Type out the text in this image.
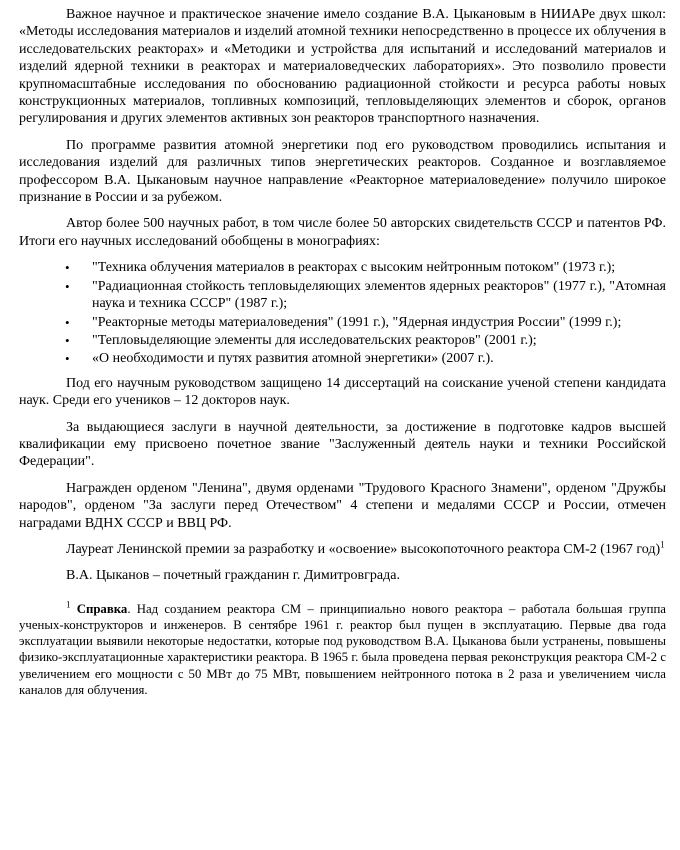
Важное научное и практическое значение имело создание В.А. Цыкановым в НИИАРе двух школ: «Методы исследования материалов и изделий атомной техники непосредственно в процессе их облучения в исследовательских реакторах» и «Методики и устройства для испытаний и исследований материалов и изделий ядерной техники в реакторах и материаловедческих лабораториях». Это позволило провести крупномасштабные исследования по обоснованию радиационной стойкости и ресурса работы новых конструкционных материалов, топливных композиций, тепловыделяющих элементов и сборок, органов регулирования и других элементов активных зон реакторов транспортного назначения.

По программе развития атомной энергетики под его руководством проводились испытания и исследования изделий для различных типов энергетических реакторов. Созданное и возглавляемое профессором В.А. Цыкановым научное направление «Реакторное материаловедение» получило широкое признание в России и за рубежом.

Автор более 500 научных работ, в том числе более 50 авторских свидетельств СССР и патентов РФ. Итоги его научных исследований обобщены в монографиях:

• "Техника облучения материалов в реакторах с высоким нейтронным потоком" (1973 г.);
• "Радиационная стойкость тепловыделяющих элементов ядерных реакторов" (1977 г.), "Атомная наука и техника СССР" (1987 г.);
• "Реакторные методы материаловедения" (1991 г.), "Ядерная индустрия России" (1999 г.);
• "Тепловыделяющие элементы для исследовательских реакторов" (2001 г.);
• «О необходимости и путях развития атомной энергетики» (2007 г.).

Под его научным руководством защищено 14 диссертаций на соискание ученой степени кандидата наук. Среди его учеников – 12 докторов наук.

За выдающиеся заслуги в научной деятельности, за достижение в подготовке кадров высшей квалификации ему присвоено почетное звание "Заслуженный деятель науки и техники Российской Федерации".

Награжден орденом "Ленина", двумя орденами "Трудового Красного Знамени", орденом "Дружбы народов", орденом "За заслуги перед Отечеством" 4 степени и медалями СССР и России, отмечен наградами ВДНХ СССР и ВВЦ РФ.

Лауреат Ленинской премии за разработку и «освоение» высокопоточного реактора СМ-2 (1967 год)$^1$

В.А. Цыканов – почетный гражданин г. Димитровграда.

$^1$ Справка. Над созданием реактора СМ – принципиально нового реактора – работала большая группа ученых-конструкторов и инженеров. В сентябре 1961 г. реактор был пущен в эксплуатацию. Первые два года эксплуатации выявили некоторые недостатки, которые под руководством В.А. Цыканова были устранены, повышены физико-эксплуатационные характеристики реактора. В 1965 г. была проведена первая реконструкция реактора СМ-2 с увеличением его мощности с 50 МВт до 75 МВт, повышением нейтронного потока в 2 раза и увеличением числа каналов для облучения.
